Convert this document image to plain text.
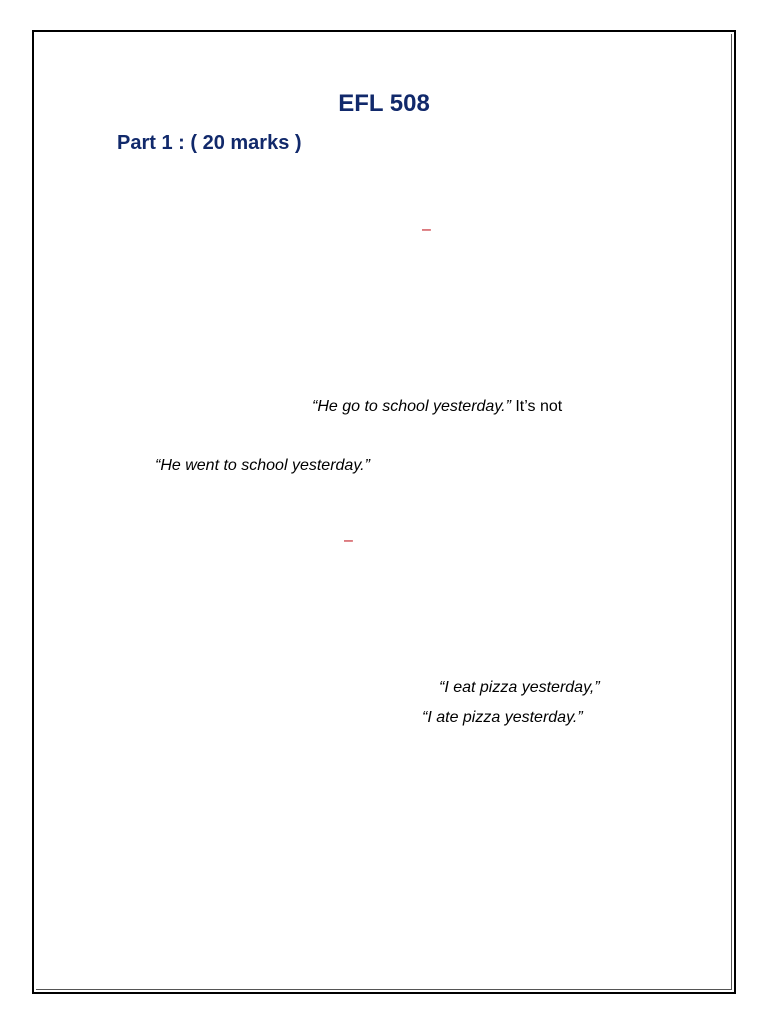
EFL 508
Part 1 : ( 20 marks )
–
“He go to school yesterday.” It’s not
“He went to school yesterday.”
–
“I eat pizza yesterday,”
“I ate pizza yesterday.”
